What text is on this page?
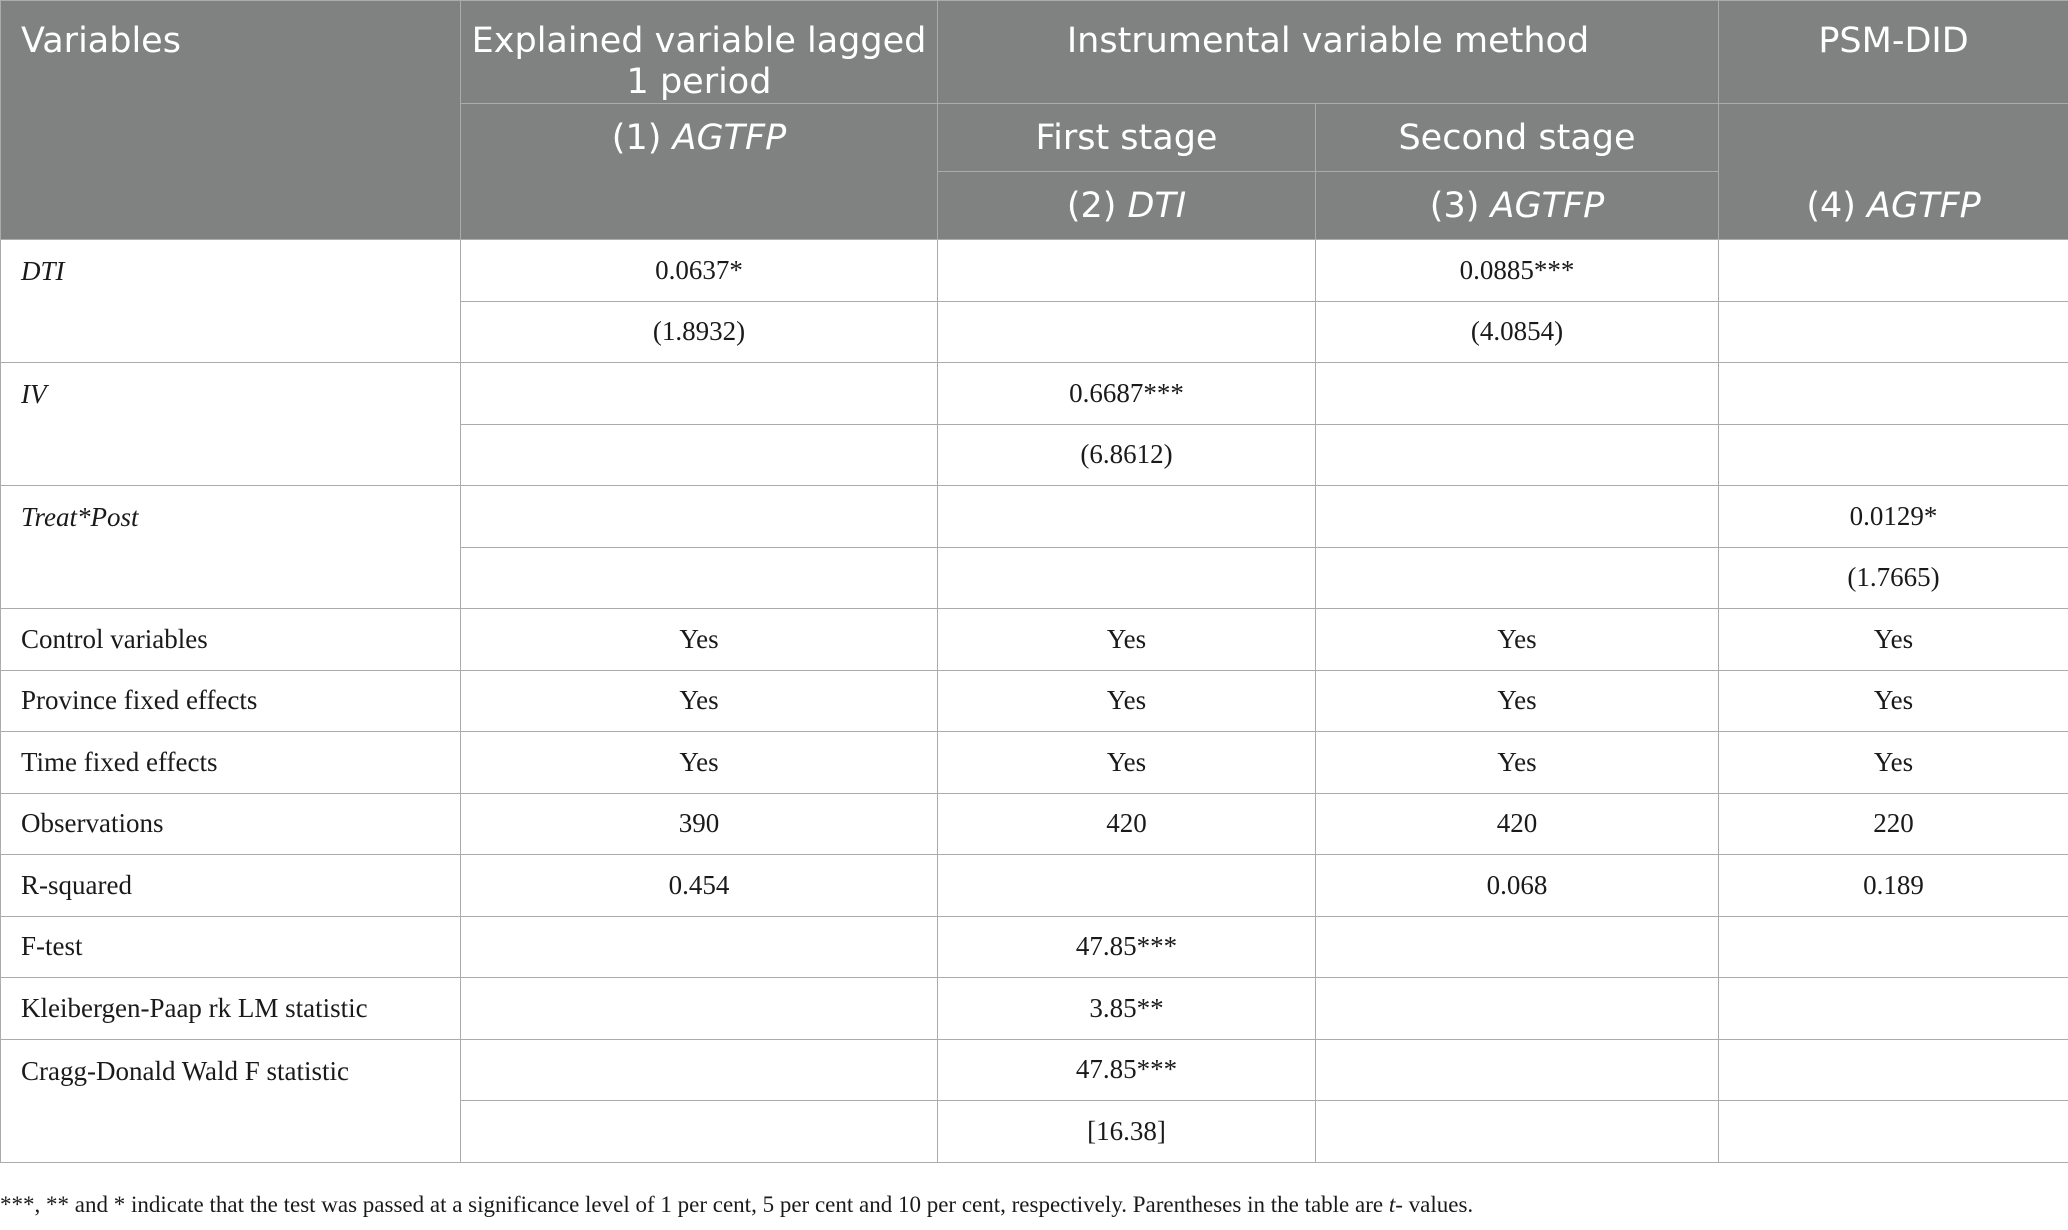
Variables	Explained variable lagged 1 period	Instrumental variable method		PSM-DID
	(1) AGTFP	First stage	Second stage	(4) AGTFP
		(2) DTI	(3) AGTFP	
DTI	0.0637*		0.0885***	
	(1.8932)		(4.0854)	
IV		0.6687***		
		(6.8612)		
Treat*Post				0.0129*
				(1.7665)
Control variables	Yes	Yes	Yes	Yes
Province fixed effects	Yes	Yes	Yes	Yes
Time fixed effects	Yes	Yes	Yes	Yes
Observations	390	420	420	220
R-squared	0.454		0.068	0.189
F-test		47.85***		
Kleibergen-Paap rk LM statistic		3.85**		
Cragg-Donald Wald F statistic		47.85***		
		[16.38]		
***, ** and * indicate that the test was passed at a significance level of 1 per cent, 5 per cent and 10 per cent, respectively. Parentheses in the table are t- values.
